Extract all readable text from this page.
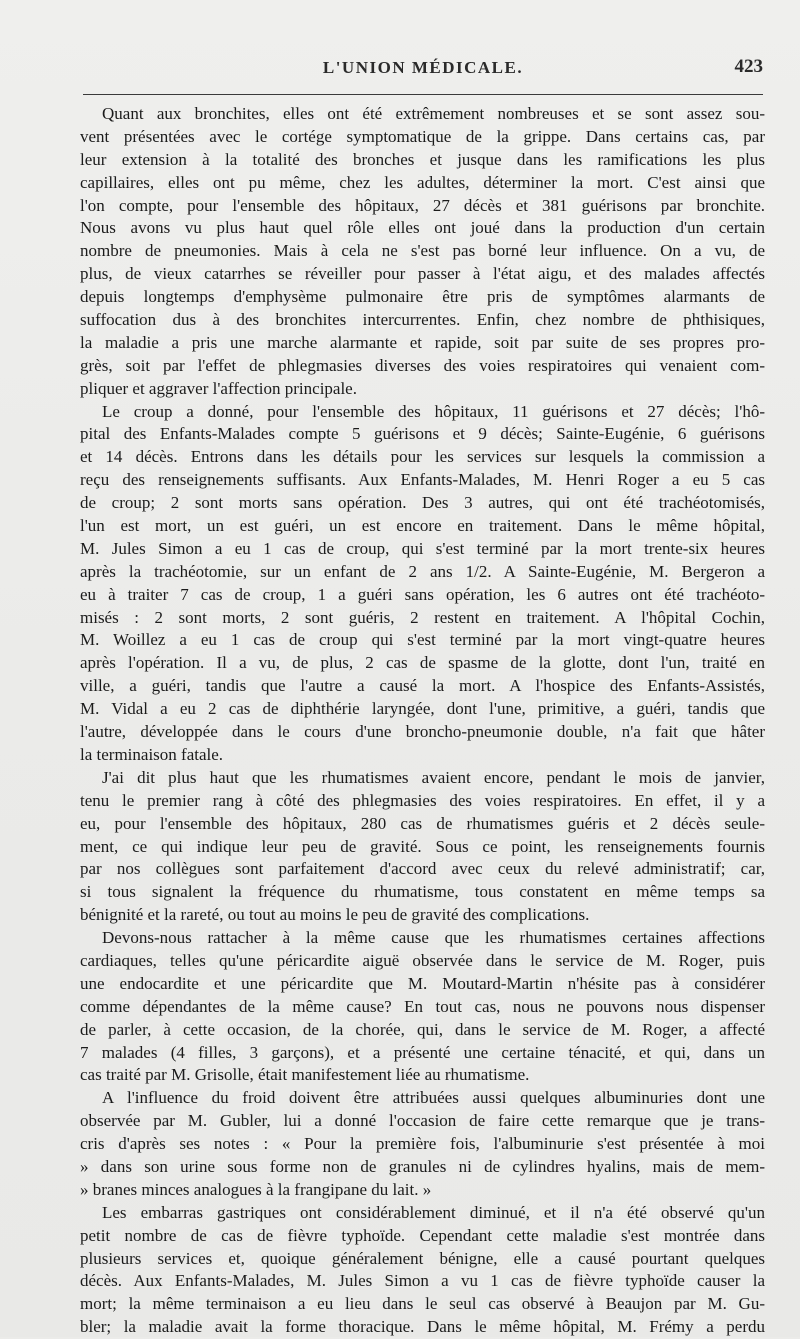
L'UNION MÉDICALE.	423
Quant aux bronchites, elles ont été extrêmement nombreuses et se sont assez sou-
vent présentées avec le cortége symptomatique de la grippe. Dans certains cas, par
leur extension à la totalité des bronches et jusque dans les ramifications les plus
capillaires, elles ont pu même, chez les adultes, déterminer la mort. C'est ainsi que
l'on compte, pour l'ensemble des hôpitaux, 27 décès et 381 guérisons par bronchite.
Nous avons vu plus haut quel rôle elles ont joué dans la production d'un certain
nombre de pneumonies. Mais à cela ne s'est pas borné leur influence. On a vu, de
plus, de vieux catarrhes se réveiller pour passer à l'état aigu, et des malades affectés
depuis longtemps d'emphysème pulmonaire être pris de symptômes alarmants de
suffocation dus à des bronchites intercurrentes. Enfin, chez nombre de phthisiques,
la maladie a pris une marche alarmante et rapide, soit par suite de ses propres pro-
grès, soit par l'effet de phlegmasies diverses des voies respiratoires qui venaient com-
pliquer et aggraver l'affection principale.
Le croup a donné, pour l'ensemble des hôpitaux, 11 guérisons et 27 décès; l'hô-
pital des Enfants-Malades compte 5 guérisons et 9 décès; Sainte-Eugénie, 6 guérisons
et 14 décès. Entrons dans les détails pour les services sur lesquels la commission a
reçu des renseignements suffisants. Aux Enfants-Malades, M. Henri Roger a eu 5 cas
de croup; 2 sont morts sans opération. Des 3 autres, qui ont été trachéotomisés,
l'un est mort, un est guéri, un est encore en traitement. Dans le même hôpital,
M. Jules Simon a eu 1 cas de croup, qui s'est terminé par la mort trente-six heures
après la trachéotomie, sur un enfant de 2 ans 1/2. A Sainte-Eugénie, M. Bergeron a
eu à traiter 7 cas de croup, 1 a guéri sans opération, les 6 autres ont été trachéoto-
misés : 2 sont morts, 2 sont guéris, 2 restent en traitement. A l'hôpital Cochin,
M. Woillez a eu 1 cas de croup qui s'est terminé par la mort vingt-quatre heures
après l'opération. Il a vu, de plus, 2 cas de spasme de la glotte, dont l'un, traité en
ville, a guéri, tandis que l'autre a causé la mort. A l'hospice des Enfants-Assistés,
M. Vidal a eu 2 cas de diphthérie laryngée, dont l'une, primitive, a guéri, tandis que
l'autre, développée dans le cours d'une broncho-pneumonie double, n'a fait que hâter
la terminaison fatale.
J'ai dit plus haut que les rhumatismes avaient encore, pendant le mois de janvier,
tenu le premier rang à côté des phlegmasies des voies respiratoires. En effet, il y a
eu, pour l'ensemble des hôpitaux, 280 cas de rhumatismes guéris et 2 décès seule-
ment, ce qui indique leur peu de gravité. Sous ce point, les renseignements fournis
par nos collègues sont parfaitement d'accord avec ceux du relevé administratif; car,
si tous signalent la fréquence du rhumatisme, tous constatent en même temps sa
bénignité et la rareté, ou tout au moins le peu de gravité des complications.
Devons-nous rattacher à la même cause que les rhumatismes certaines affections
cardiaques, telles qu'une péricardite aiguë observée dans le service de M. Roger, puis
une endocardite et une péricardite que M. Moutard-Martin n'hésite pas à considérer
comme dépendantes de la même cause? En tout cas, nous ne pouvons nous dispenser
de parler, à cette occasion, de la chorée, qui, dans le service de M. Roger, a affecté
7 malades (4 filles, 3 garçons), et a présenté une certaine ténacité, et qui, dans un
cas traité par M. Grisolle, était manifestement liée au rhumatisme.
A l'influence du froid doivent être attribuées aussi quelques albuminuries dont une
observée par M. Gubler, lui a donné l'occasion de faire cette remarque que je trans-
cris d'après ses notes : « Pour la première fois, l'albuminurie s'est présentée à moi
» dans son urine sous forme non de granules ni de cylindres hyalins, mais de mem-
» branes minces analogues à la frangipane du lait. »
Les embarras gastriques ont considérablement diminué, et il n'a été observé qu'un
petit nombre de cas de fièvre typhoïde. Cependant cette maladie s'est montrée dans
plusieurs services et, quoique généralement bénigne, elle a causé pourtant quelques
décès. Aux Enfants-Malades, M. Jules Simon a vu 1 cas de fièvre typhoïde causer la
mort; la même terminaison a eu lieu dans le seul cas observé à Beaujon par M. Gu-
bler; la maladie avait la forme thoracique. Dans le même hôpital, M. Frémy a perdu
